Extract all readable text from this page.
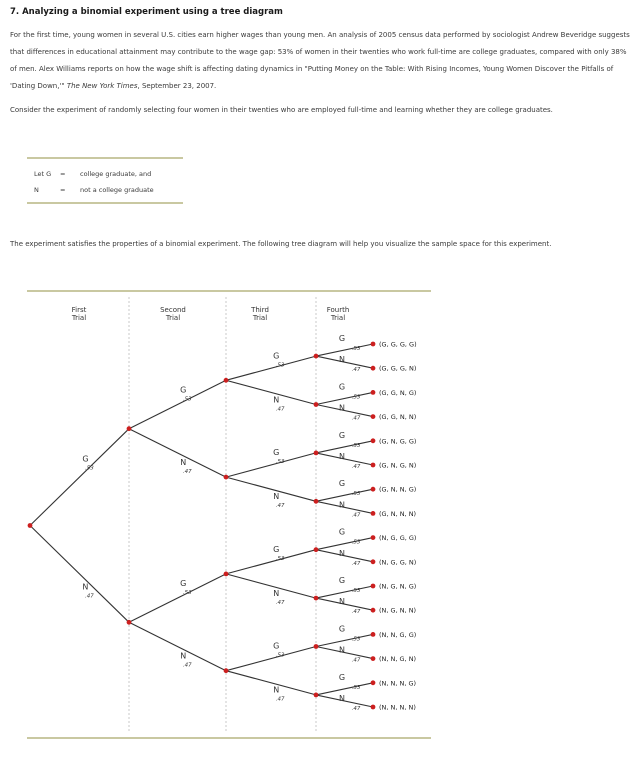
7. Analyzing a binomial experiment using a tree diagram

For the first time, young women in several U.S. cities earn higher wages than young men. An analysis of 2005 census data performed by sociologist Andrew Beveridge suggests that differences in educational attainment may contribute to the wage gap: 53% of women in their twenties who work full-time are college graduates, compared with only 38% of men. Alex Williams reports on how the wage shift is affecting dating dynamics in "Putting Money on the Table: With Rising Incomes, Young Women Discover the Pitfalls of 'Dating Down,'" The New York Times, September 23, 2007.

Consider the experiment of randomly selecting four women in their twenties who are employed full-time and learning whether they are college graduates.

Let G = college graduate, and
N	= not a college graduate

The experiment satisfies the properties of a binomial experiment. The following tree diagram will help you visualize the sample space for this experiment.

First
Trial
Second
Trial
Third
Trial
Fourth
Trial
G
.53
N
.47
G
.53
N
.47
G
.53
N
.47
G
.53
N
.47
G
.53
N
.47
G
.53
N
.47
G
.53
N
.47
G
.53
N
.47
G
.53
N
.47
G
.53
N
.47
G
.53
N
.47
G
.53
N
.47
G
.53
N
.47
G
.53
N
.47
G
.53
N
.47
(G, G, G, G)
(G, G, G, N)
(G, G, N, G)
(G, G, N, N)
(G, N, G, G)
(G, N, G, N)
(G, N, N, G)
(G, N, N, N)
(N, G, G, G)
(N, G, G, N)
(N, G, N, G)
(N, G, N, N)
(N, N, G, G)
(N, N, G, N)
(N, N, N, G)
(N, N, N, N)
